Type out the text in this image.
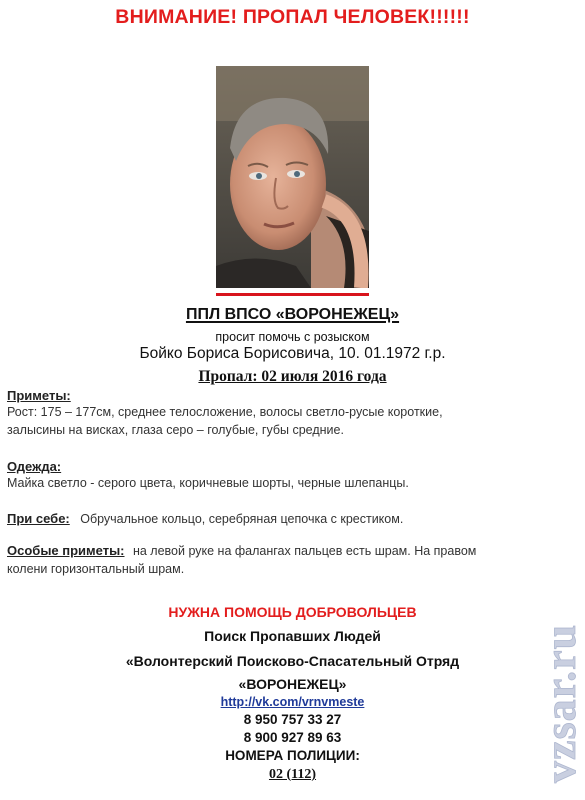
ВНИМАНИЕ! ПРОПАЛ ЧЕЛОВЕК!!!!!!
ППЛ ВПСО «ВОРОНЕЖЕЦ»
просит помочь с розыском
Бойко Бориса Борисовича, 10. 01.1972 г.р.
Пропал: 02 июля 2016 года
Приметы:
Рост: 175 – 177см, среднее телосложение, волосы светло-русые короткие,
залысины на висках, глаза серо – голубые, губы средние.
Одежда:
Майка светло - серого цвета, коричневые шорты, черные шлепанцы.
При себе: Обручальное кольцо, серебряная цепочка с крестиком.
Особые приметы: на левой руке на фалангах пальцев есть шрам. На правом
колени горизонтальный шрам.
НУЖНА ПОМОЩЬ ДОБРОВОЛЬЦЕВ
Поиск Пропавших Людей
«Волонтерский Поисково-Спасательный Отряд
«ВОРОНЕЖЕЦ»
http://vk.com/vrnvmeste
8 950 757 33 27
8 900 927 89 63
НОМЕРА ПОЛИЦИИ:
02 (112)	vzsar.ru
